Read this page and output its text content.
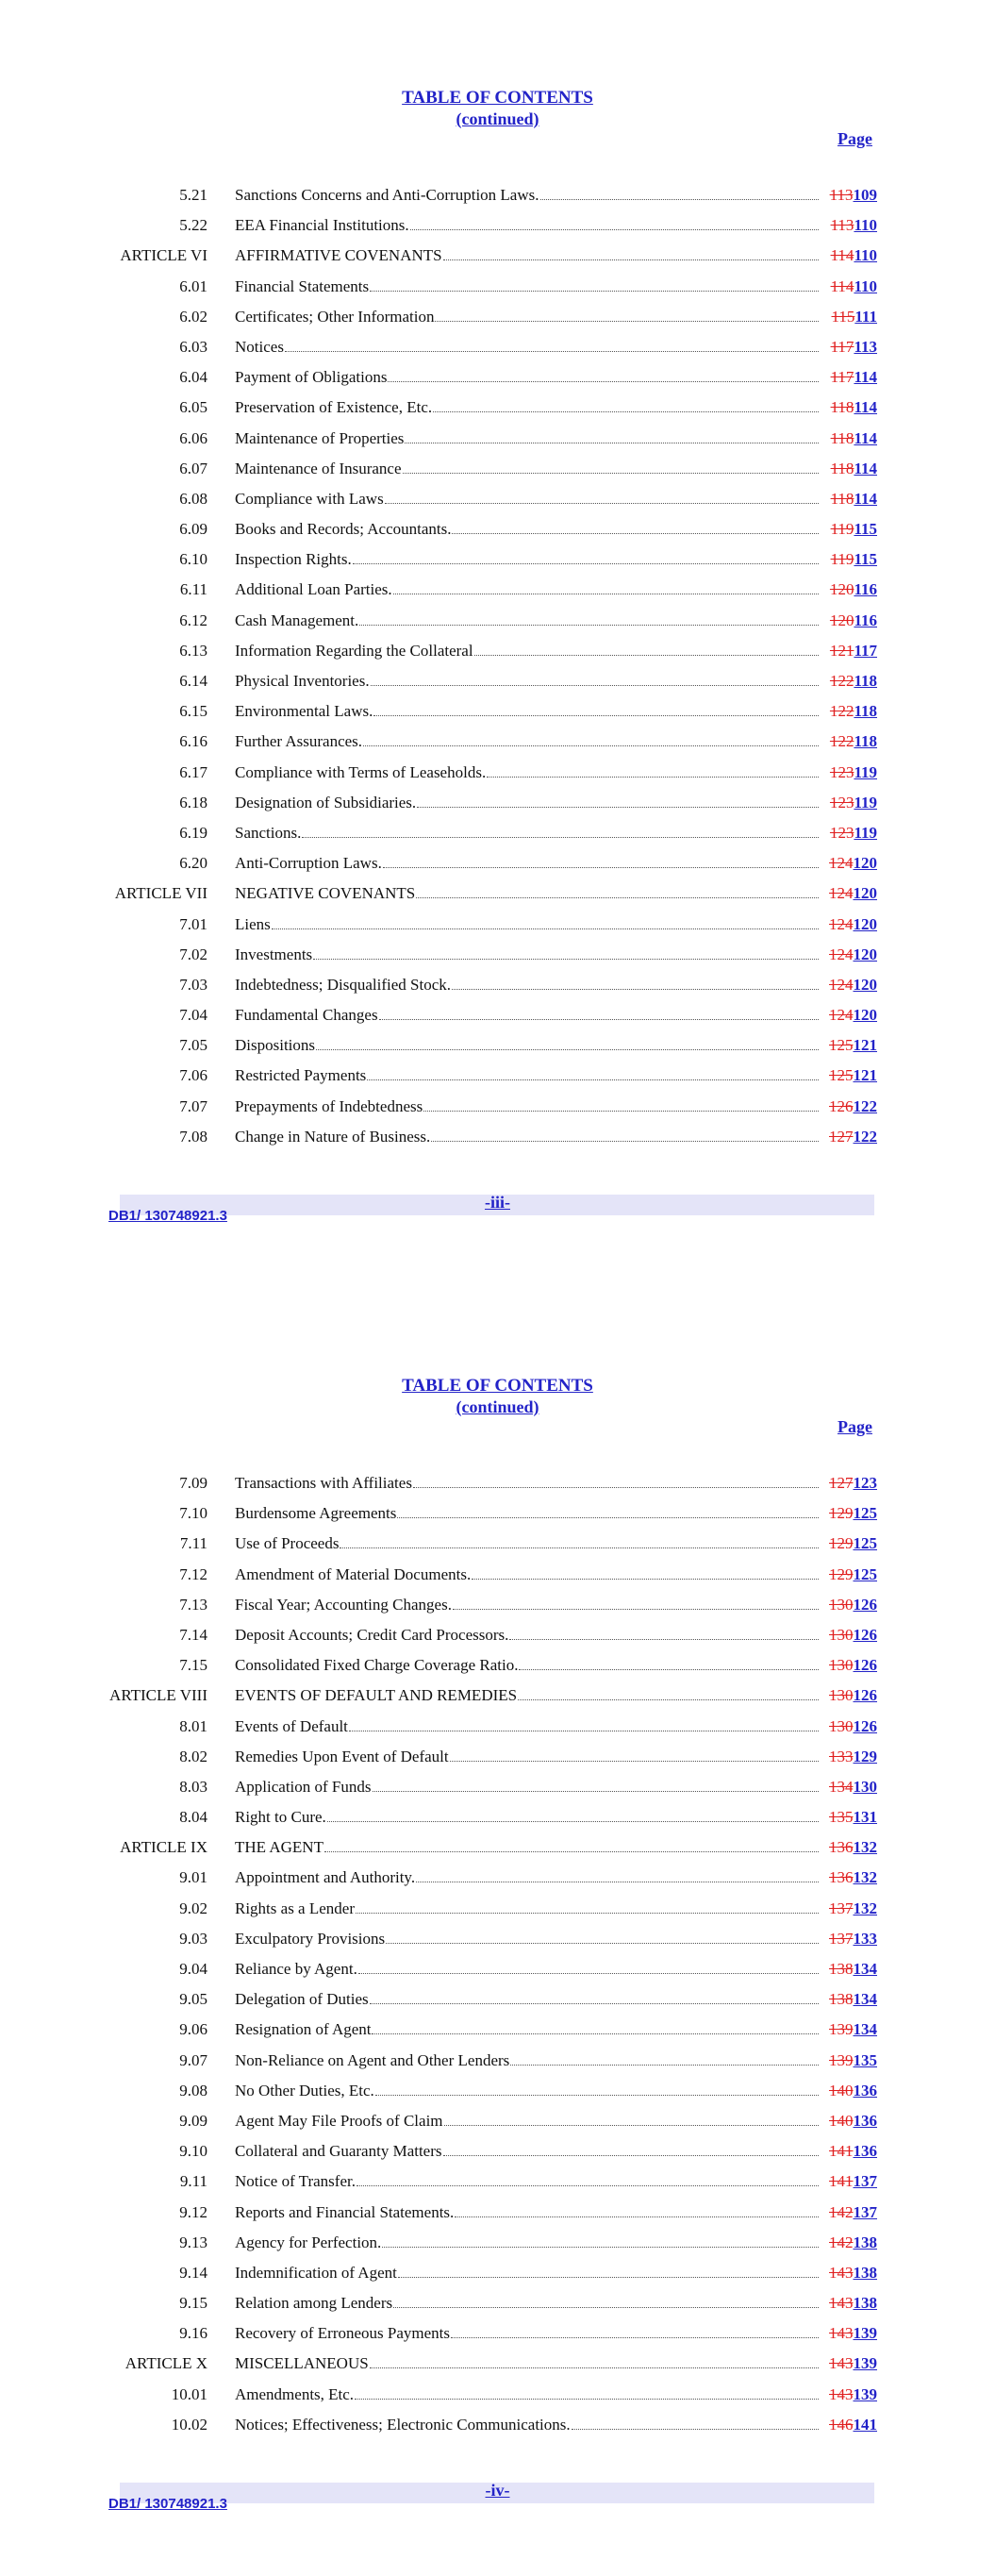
TABLE OF CONTENTS
(continued)
Page
5.21 Sanctions Concerns and Anti-Corruption Laws.	113109
5.22 EEA Financial Institutions.	113110
ARTICLE VI AFFIRMATIVE COVENANTS	114110
6.01 Financial Statements	114110
6.02 Certificates; Other Information	115111
6.03 Notices	117113
6.04 Payment of Obligations	117114
6.05 Preservation of Existence, Etc.	118114
6.06 Maintenance of Properties	118114
6.07 Maintenance of Insurance	118114
6.08 Compliance with Laws	118114
6.09 Books and Records; Accountants.	119115
6.10 Inspection Rights.	119115
6.11 Additional Loan Parties.	120116
6.12 Cash Management.	120116
6.13 Information Regarding the Collateral	121117
6.14 Physical Inventories.	122118
6.15 Environmental Laws.	122118
6.16 Further Assurances.	122118
6.17 Compliance with Terms of Leaseholds.	123119
6.18 Designation of Subsidiaries.	123119
6.19 Sanctions.	123119
6.20 Anti-Corruption Laws.	124120
ARTICLE VII NEGATIVE COVENANTS	124120
7.01 Liens	124120
7.02 Investments	124120
7.03 Indebtedness; Disqualified Stock.	124120
7.04 Fundamental Changes	124120
7.05 Dispositions	125121
7.06 Restricted Payments	125121
7.07 Prepayments of Indebtedness	126122
7.08 Change in Nature of Business.	127122
-iii-
DB1/ 130748921.3
TABLE OF CONTENTS
(continued)
Page
7.09 Transactions with Affiliates	127123
7.10 Burdensome Agreements	129125
7.11 Use of Proceeds	129125
7.12 Amendment of Material Documents.	129125
7.13 Fiscal Year; Accounting Changes.	130126
7.14 Deposit Accounts; Credit Card Processors.	130126
7.15 Consolidated Fixed Charge Coverage Ratio.	130126
ARTICLE VIII EVENTS OF DEFAULT AND REMEDIES	130126
8.01 Events of Default	130126
8.02 Remedies Upon Event of Default	133129
8.03 Application of Funds	134130
8.04 Right to Cure.	135131
ARTICLE IX THE AGENT	136132
9.01 Appointment and Authority.	136132
9.02 Rights as a Lender	137132
9.03 Exculpatory Provisions	137133
9.04 Reliance by Agent.	138134
9.05 Delegation of Duties	138134
9.06 Resignation of Agent	139134
9.07 Non-Reliance on Agent and Other Lenders	139135
9.08 No Other Duties, Etc.	140136
9.09 Agent May File Proofs of Claim	140136
9.10 Collateral and Guaranty Matters	141136
9.11 Notice of Transfer.	141137
9.12 Reports and Financial Statements.	142137
9.13 Agency for Perfection.	142138
9.14 Indemnification of Agent	143138
9.15 Relation among Lenders	143138
9.16 Recovery of Erroneous Payments	143139
ARTICLE X MISCELLANEOUS	143139
10.01 Amendments, Etc.	143139
10.02 Notices; Effectiveness; Electronic Communications.	146141
-iv-
DB1/ 130748921.3
